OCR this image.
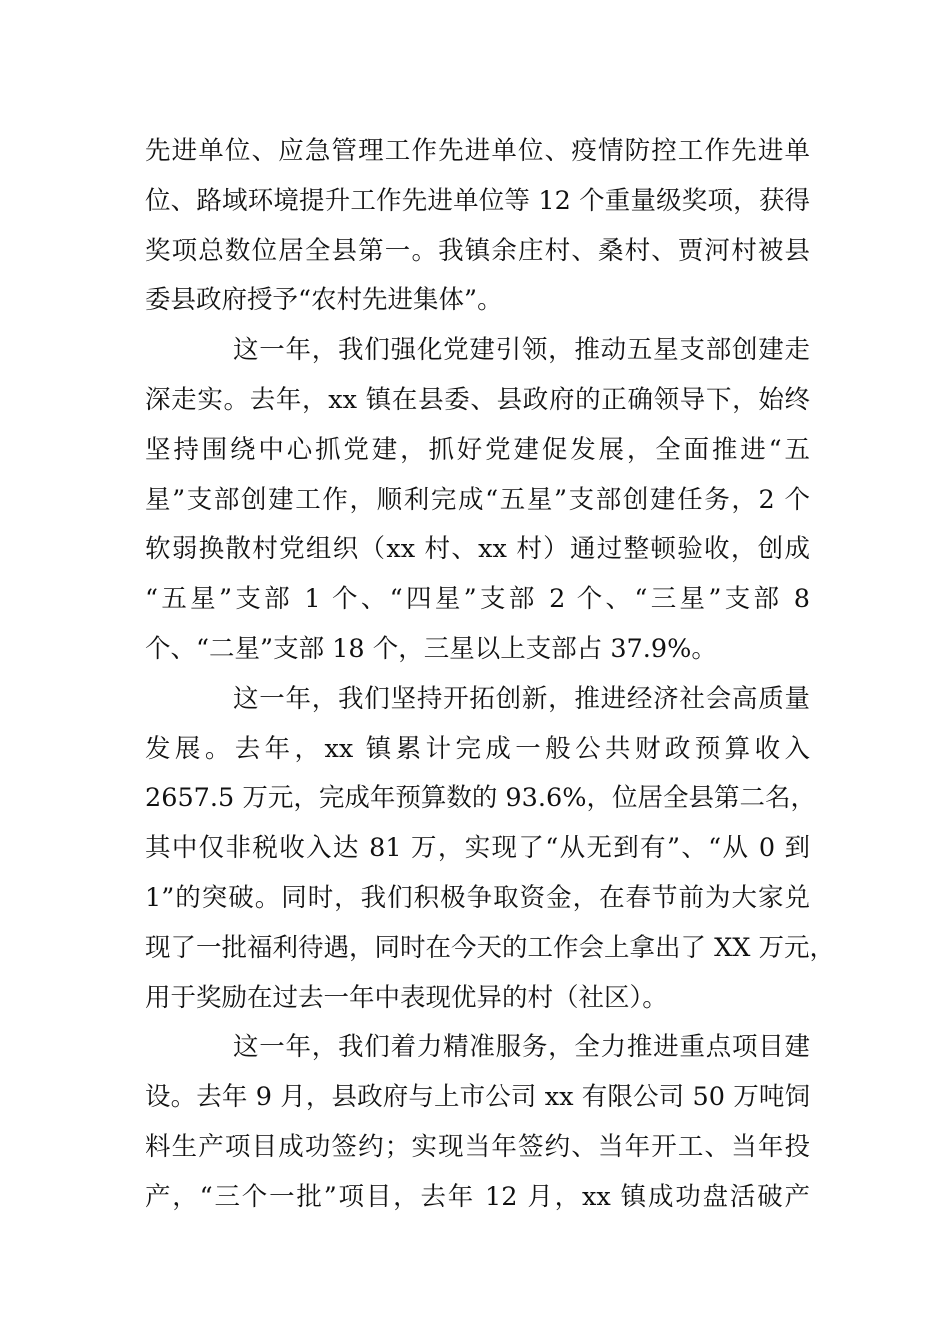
先进单位、应急管理工作先进单位、疫情防控工作先进单
位、路域环境提升工作先进单位等 12 个重量级奖项，获得
奖项总数位居全县第一。我镇余庄村、桑村、贾河村被县
委县政府授予“农村先进集体”。
这一年，我们强化党建引领，推动五星支部创建走
深走实。去年，xx 镇在县委、县政府的正确领导下，始终
坚持围绕中心抓党建，抓好党建促发展，全面推进“五
星”支部创建工作，顺利完成“五星”支部创建任务，2 个
软弱换散村党组织（xx 村、xx 村）通过整顿验收，创成
“五星”支部 1 个、“四星”支部 2 个、“三星”支部 8
个、“二星”支部 18 个，三星以上支部占 37.9%。
这一年，我们坚持开拓创新，推进经济社会高质量
发展。去年，xx 镇累计完成一般公共财政预算收入
2657.5 万元，完成年预算数的 93.6%，位居全县第二名，
其中仅非税收入达 81 万，实现了“从无到有”、“从 0 到
1”的突破。同时，我们积极争取资金，在春节前为大家兑
现了一批福利待遇，同时在今天的工作会上拿出了 XX 万元，
用于奖励在过去一年中表现优异的村（社区）。
这一年，我们着力精准服务，全力推进重点项目建
设。去年 9 月，县政府与上市公司 xx 有限公司 50 万吨饲
料生产项目成功签约；实现当年签约、当年开工、当年投
产，“三个一批”项目，去年 12 月，xx 镇成功盘活破产
